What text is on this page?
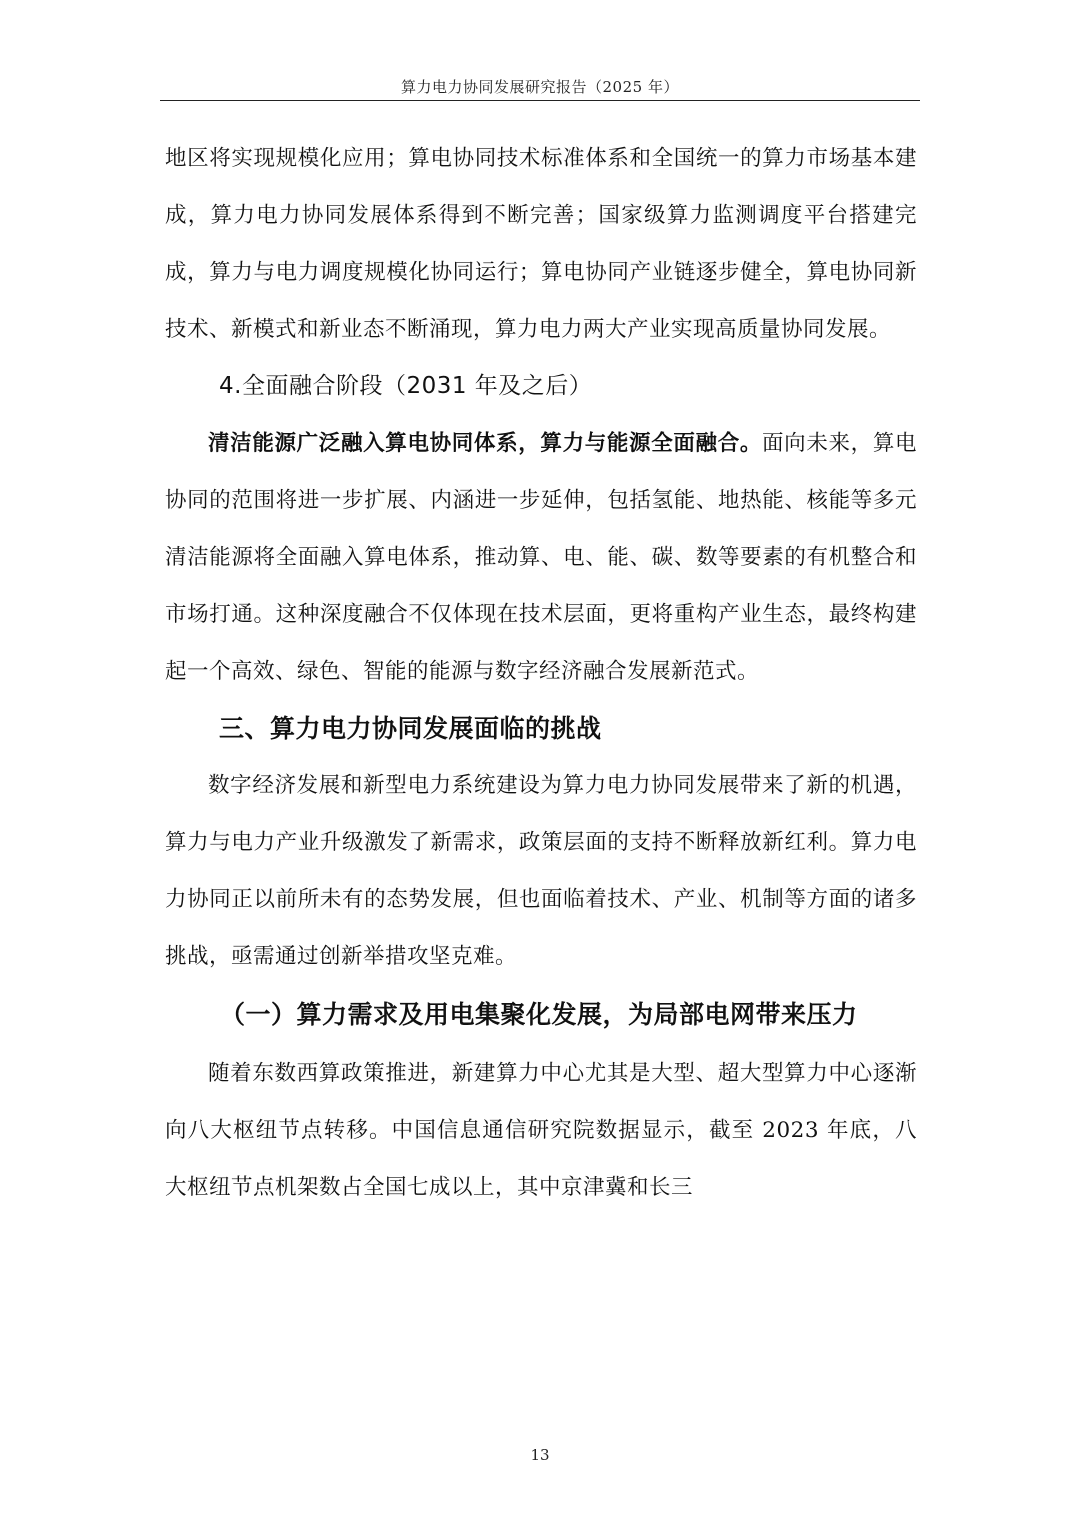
算力电力协同发展研究报告（2025 年）

地区将实现规模化应用；算电协同技术标准体系和全国统一的算力市场基本建成，算力电力协同发展体系得到不断完善；国家级算力监测调度平台搭建完成，算力与电力调度规模化协同运行；算电协同产业链逐步健全，算电协同新技术、新模式和新业态不断涌现，算力电力两大产业实现高质量协同发展。

4.全面融合阶段（2031 年及之后）

清洁能源广泛融入算电协同体系，算力与能源全面融合。面向未来，算电协同的范围将进一步扩展、内涵进一步延伸，包括氢能、地热能、核能等多元清洁能源将全面融入算电体系，推动算、电、能、碳、数等要素的有机整合和市场打通。这种深度融合不仅体现在技术层面，更将重构产业生态，最终构建起一个高效、绿色、智能的能源与数字经济融合发展新范式。

三、算力电力协同发展面临的挑战

数字经济发展和新型电力系统建设为算力电力协同发展带来了新的机遇，算力与电力产业升级激发了新需求，政策层面的支持不断释放新红利。算力电力协同正以前所未有的态势发展，但也面临着技术、产业、机制等方面的诸多挑战，亟需通过创新举措攻坚克难。

（一）算力需求及用电集聚化发展，为局部电网带来压力

随着东数西算政策推进，新建算力中心尤其是大型、超大型算力中心逐渐向八大枢纽节点转移。中国信息通信研究院数据显示，截至 2023 年底，八大枢纽节点机架数占全国七成以上，其中京津冀和长三

13
